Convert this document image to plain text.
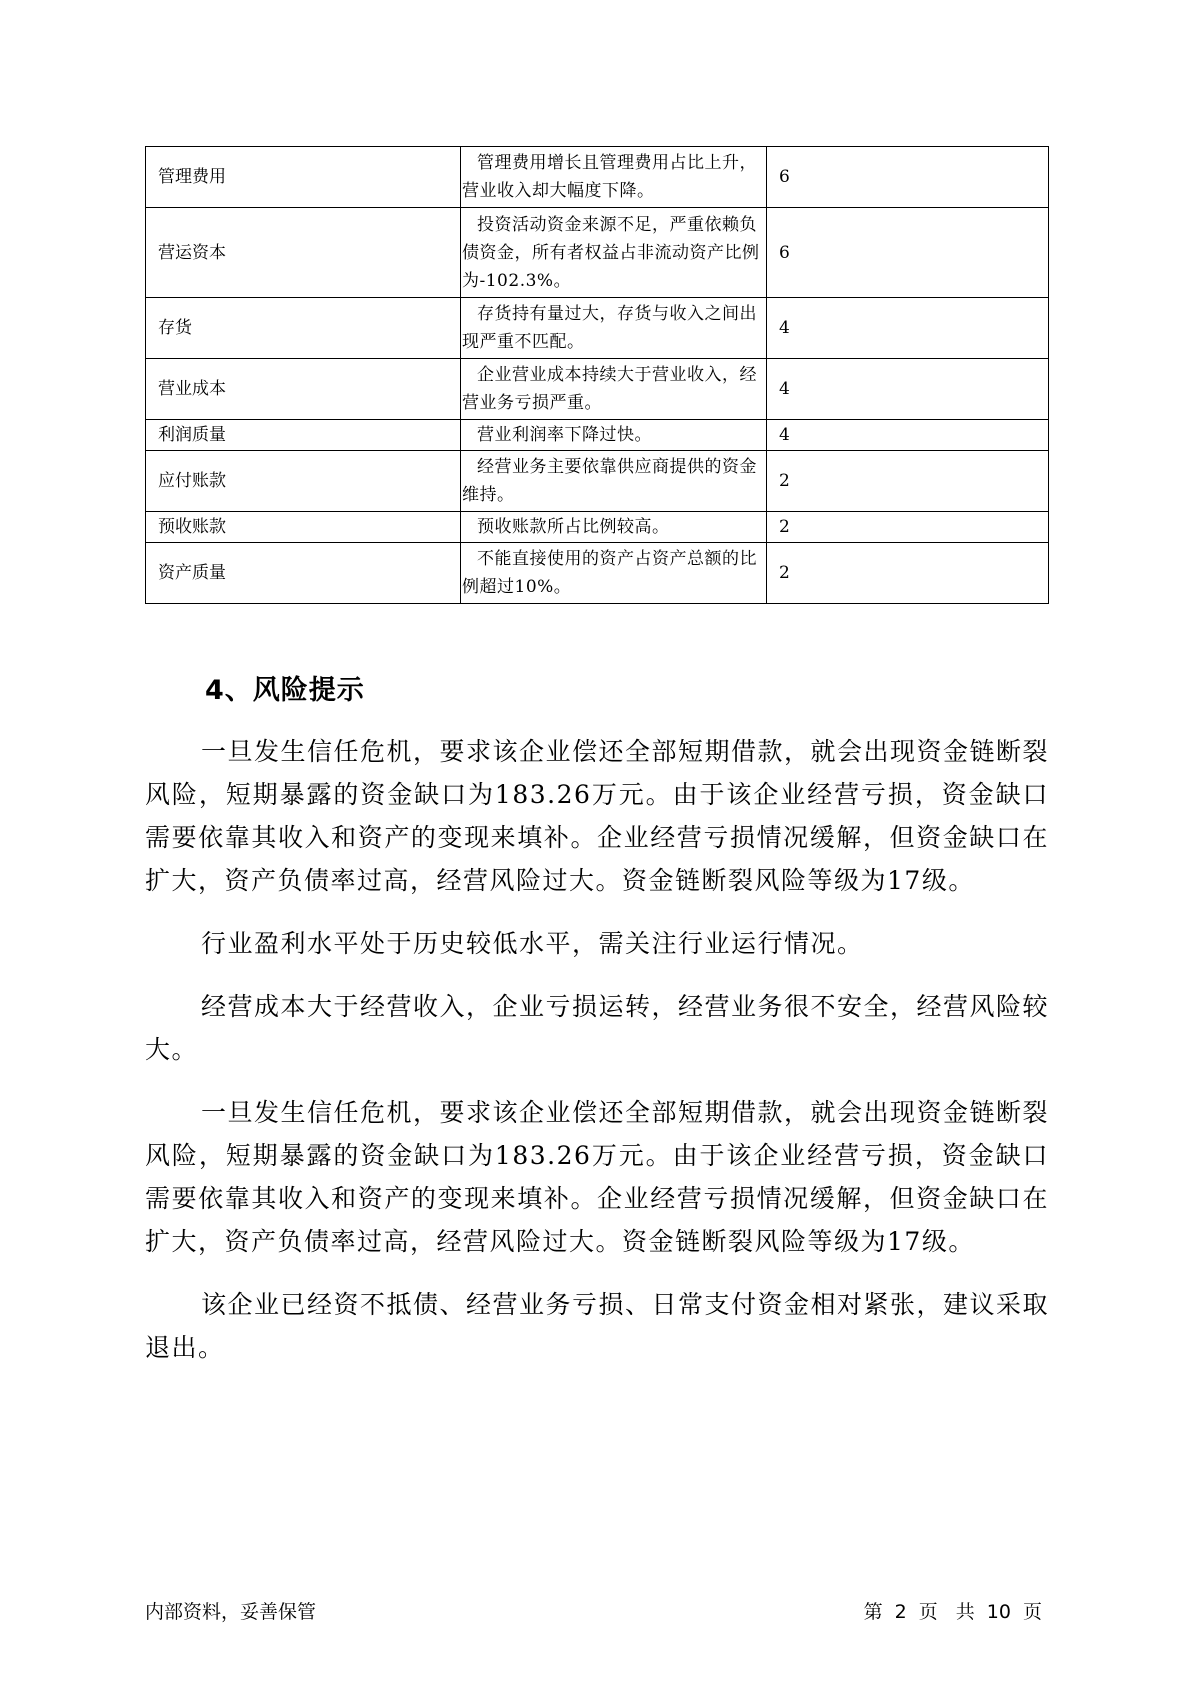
管理费用	管理费用增长且管理费用占比上升，营业收入却大幅度下降。	6
营运资本	投资活动资金来源不足，严重依赖负债资金，所有者权益占非流动资产比例为-102.3%。	6
存货	存货持有量过大，存货与收入之间出现严重不匹配。	4
营业成本	企业营业成本持续大于营业收入，经营业务亏损严重。	4
利润质量	营业利润率下降过快。	4
应付账款	经营业务主要依靠供应商提供的资金维持。	2
预收账款	预收账款所占比例较高。	2
资产质量	不能直接使用的资产占资产总额的比例超过10%。	2
4、风险提示

一旦发生信任危机，要求该企业偿还全部短期借款，就会出现资金链断裂风险，短期暴露的资金缺口为183.26万元。由于该企业经营亏损，资金缺口需要依靠其收入和资产的变现来填补。企业经营亏损情况缓解，但资金缺口在扩大，资产负债率过高，经营风险过大。资金链断裂风险等级为17级。

行业盈利水平处于历史较低水平，需关注行业运行情况。

经营成本大于经营收入，企业亏损运转，经营业务很不安全，经营风险较大。

一旦发生信任危机，要求该企业偿还全部短期借款，就会出现资金链断裂风险，短期暴露的资金缺口为183.26万元。由于该企业经营亏损，资金缺口需要依靠其收入和资产的变现来填补。企业经营亏损情况缓解，但资金缺口在扩大，资产负债率过高，经营风险过大。资金链断裂风险等级为17级。

该企业已经资不抵债、经营业务亏损、日常支付资金相对紧张，建议采取退出。

内部资料，妥善保管	第 2 页 共 10 页
